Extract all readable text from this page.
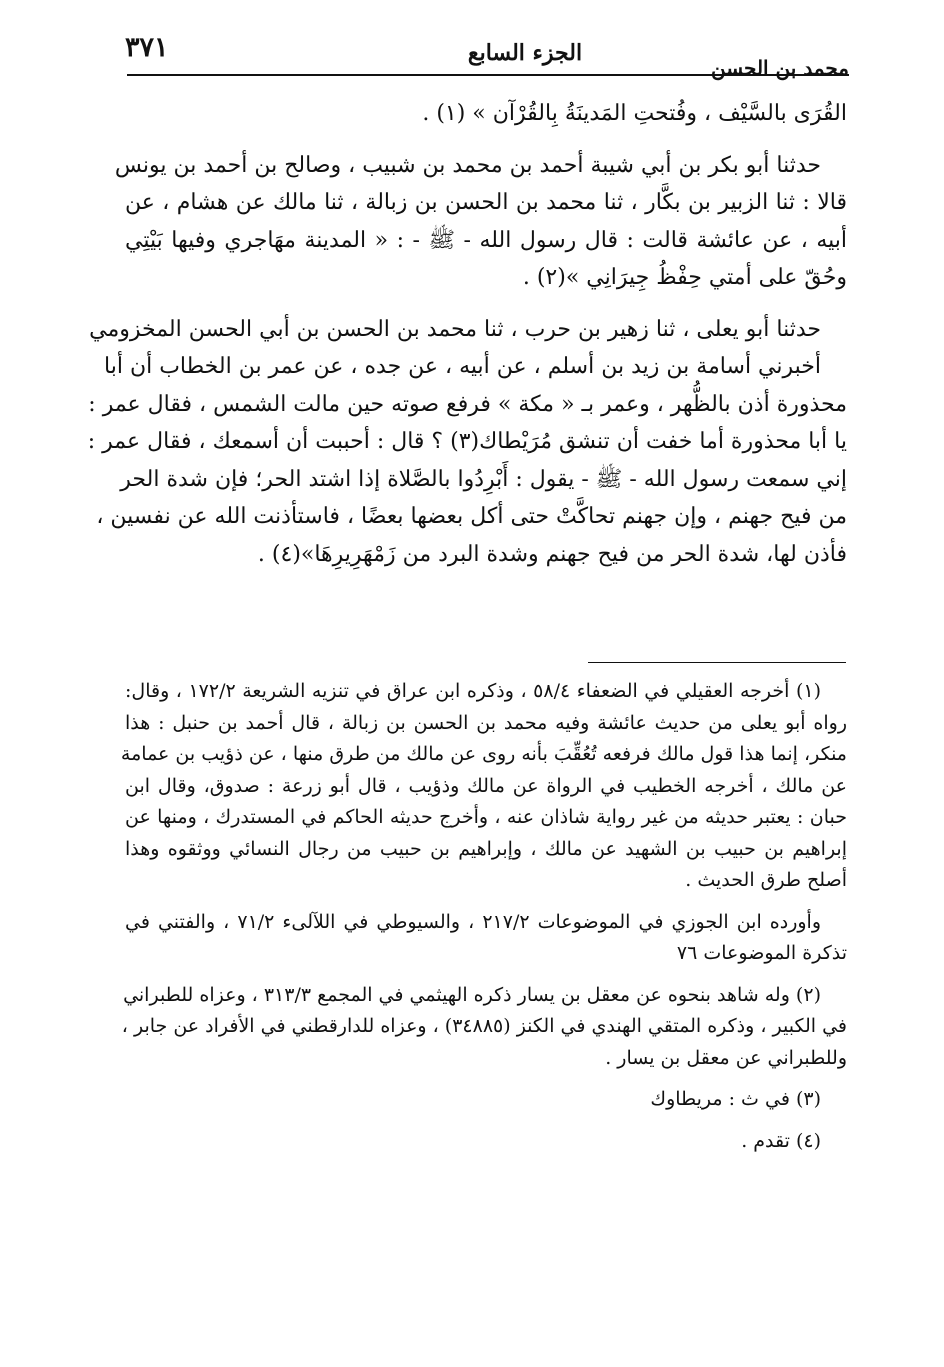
٣٧١	الجزء السابع
محمد بن الحسن
القُرَى بالسَّيْف ، وفُتحتِ المَدينَةُ بِالقُرْآن » (١) .
حدثنا أبو بكر بن أبي شيبة أحمد بن محمد بن شبيب ، وصالح بن أحمد بن يونس
قالا : ثنا الزبير بن بكَّار ، ثنا محمد بن الحسن بن زبالة ، ثنا مالك عن هشام ، عن
أبيه ، عن عائشة قالت : قال رسول الله - ﷺ - : « المدينة مهَاجري وفيها بَيْتِي
وحُقّ على أمتي حِفْظُ جِيرَانِي »(٢) .
حدثنا أبو يعلى ، ثنا زهير بن حرب ، ثنا محمد بن الحسن بن أبي الحسن المخزومي
أخبرني أسامة بن زيد بن أسلم ، عن أبيه ، عن جده ، عن عمر بن الخطاب أن أبا
محذورة أذن بالظُّهر ، وعمر بـ « مكة » فرفع صوته حين مالت الشمس ، فقال عمر :
يا أبا محذورة أما خفت أن تنشق مُرَيْطاك(٣) ؟ قال : أحببت أن أسمعك ، فقال عمر :
إني سمعت رسول الله - ﷺ - يقول : أَبْرِدُوا بالصَّلاة إذا اشتد الحر؛ فإن شدة الحر
من فيح جهنم ، وإن جهنم تحاكَّتْ حتى أكل بعضها بعضًا ، فاستأذنت الله عن نفسين ،
فأذن لها، شدة الحر من فيح جهنم وشدة البرد من زَمْهَرِيرِهَا»(٤) .
(١) أخرجه العقيلي في الضعفاء ٥٨/٤ ، وذكره ابن عراق في تنزيه الشريعة ١٧٢/٢ ، وقال:
رواه أبو يعلى من حديث عائشة وفيه محمد بن الحسن بن زبالة ، قال أحمد بن حنبل : هذا
منكر، إنما هذا قول مالك فرفعه تُعُقِّبَ بأنه روى عن مالك من طرق منها ، عن ذؤيب بن عمامة
عن مالك ، أخرجه الخطيب في الرواة عن مالك وذؤيب ، قال أبو زرعة : صدوق، وقال ابن
حبان : يعتبر حديثه من غير رواية شاذان عنه ، وأخرج حديثه الحاكم في المستدرك ، ومنها عن
إبراهيم بن حبيب بن الشهيد عن مالك ، وإبراهيم بن حبيب من رجال النسائي ووثقوه وهذا
أصلح طرق الحديث .
وأورده ابن الجوزي في الموضوعات ٢١٧/٢ ، والسيوطي في اللآلىء ٧١/٢ ، والفتني في
تذكرة الموضوعات ٧٦
(٢) وله شاهد بنحوه عن معقل بن يسار ذكره الهيثمي في المجمع ٣١٣/٣ ، وعزاه للطبراني
في الكبير ، وذكره المتقي الهندي في الكنز (٣٤٨٨٥) ، وعزاه للدارقطني في الأفراد عن جابر ،
وللطبراني عن معقل بن يسار .
(٣) في ث : مريطاوك
(٤) تقدم .
